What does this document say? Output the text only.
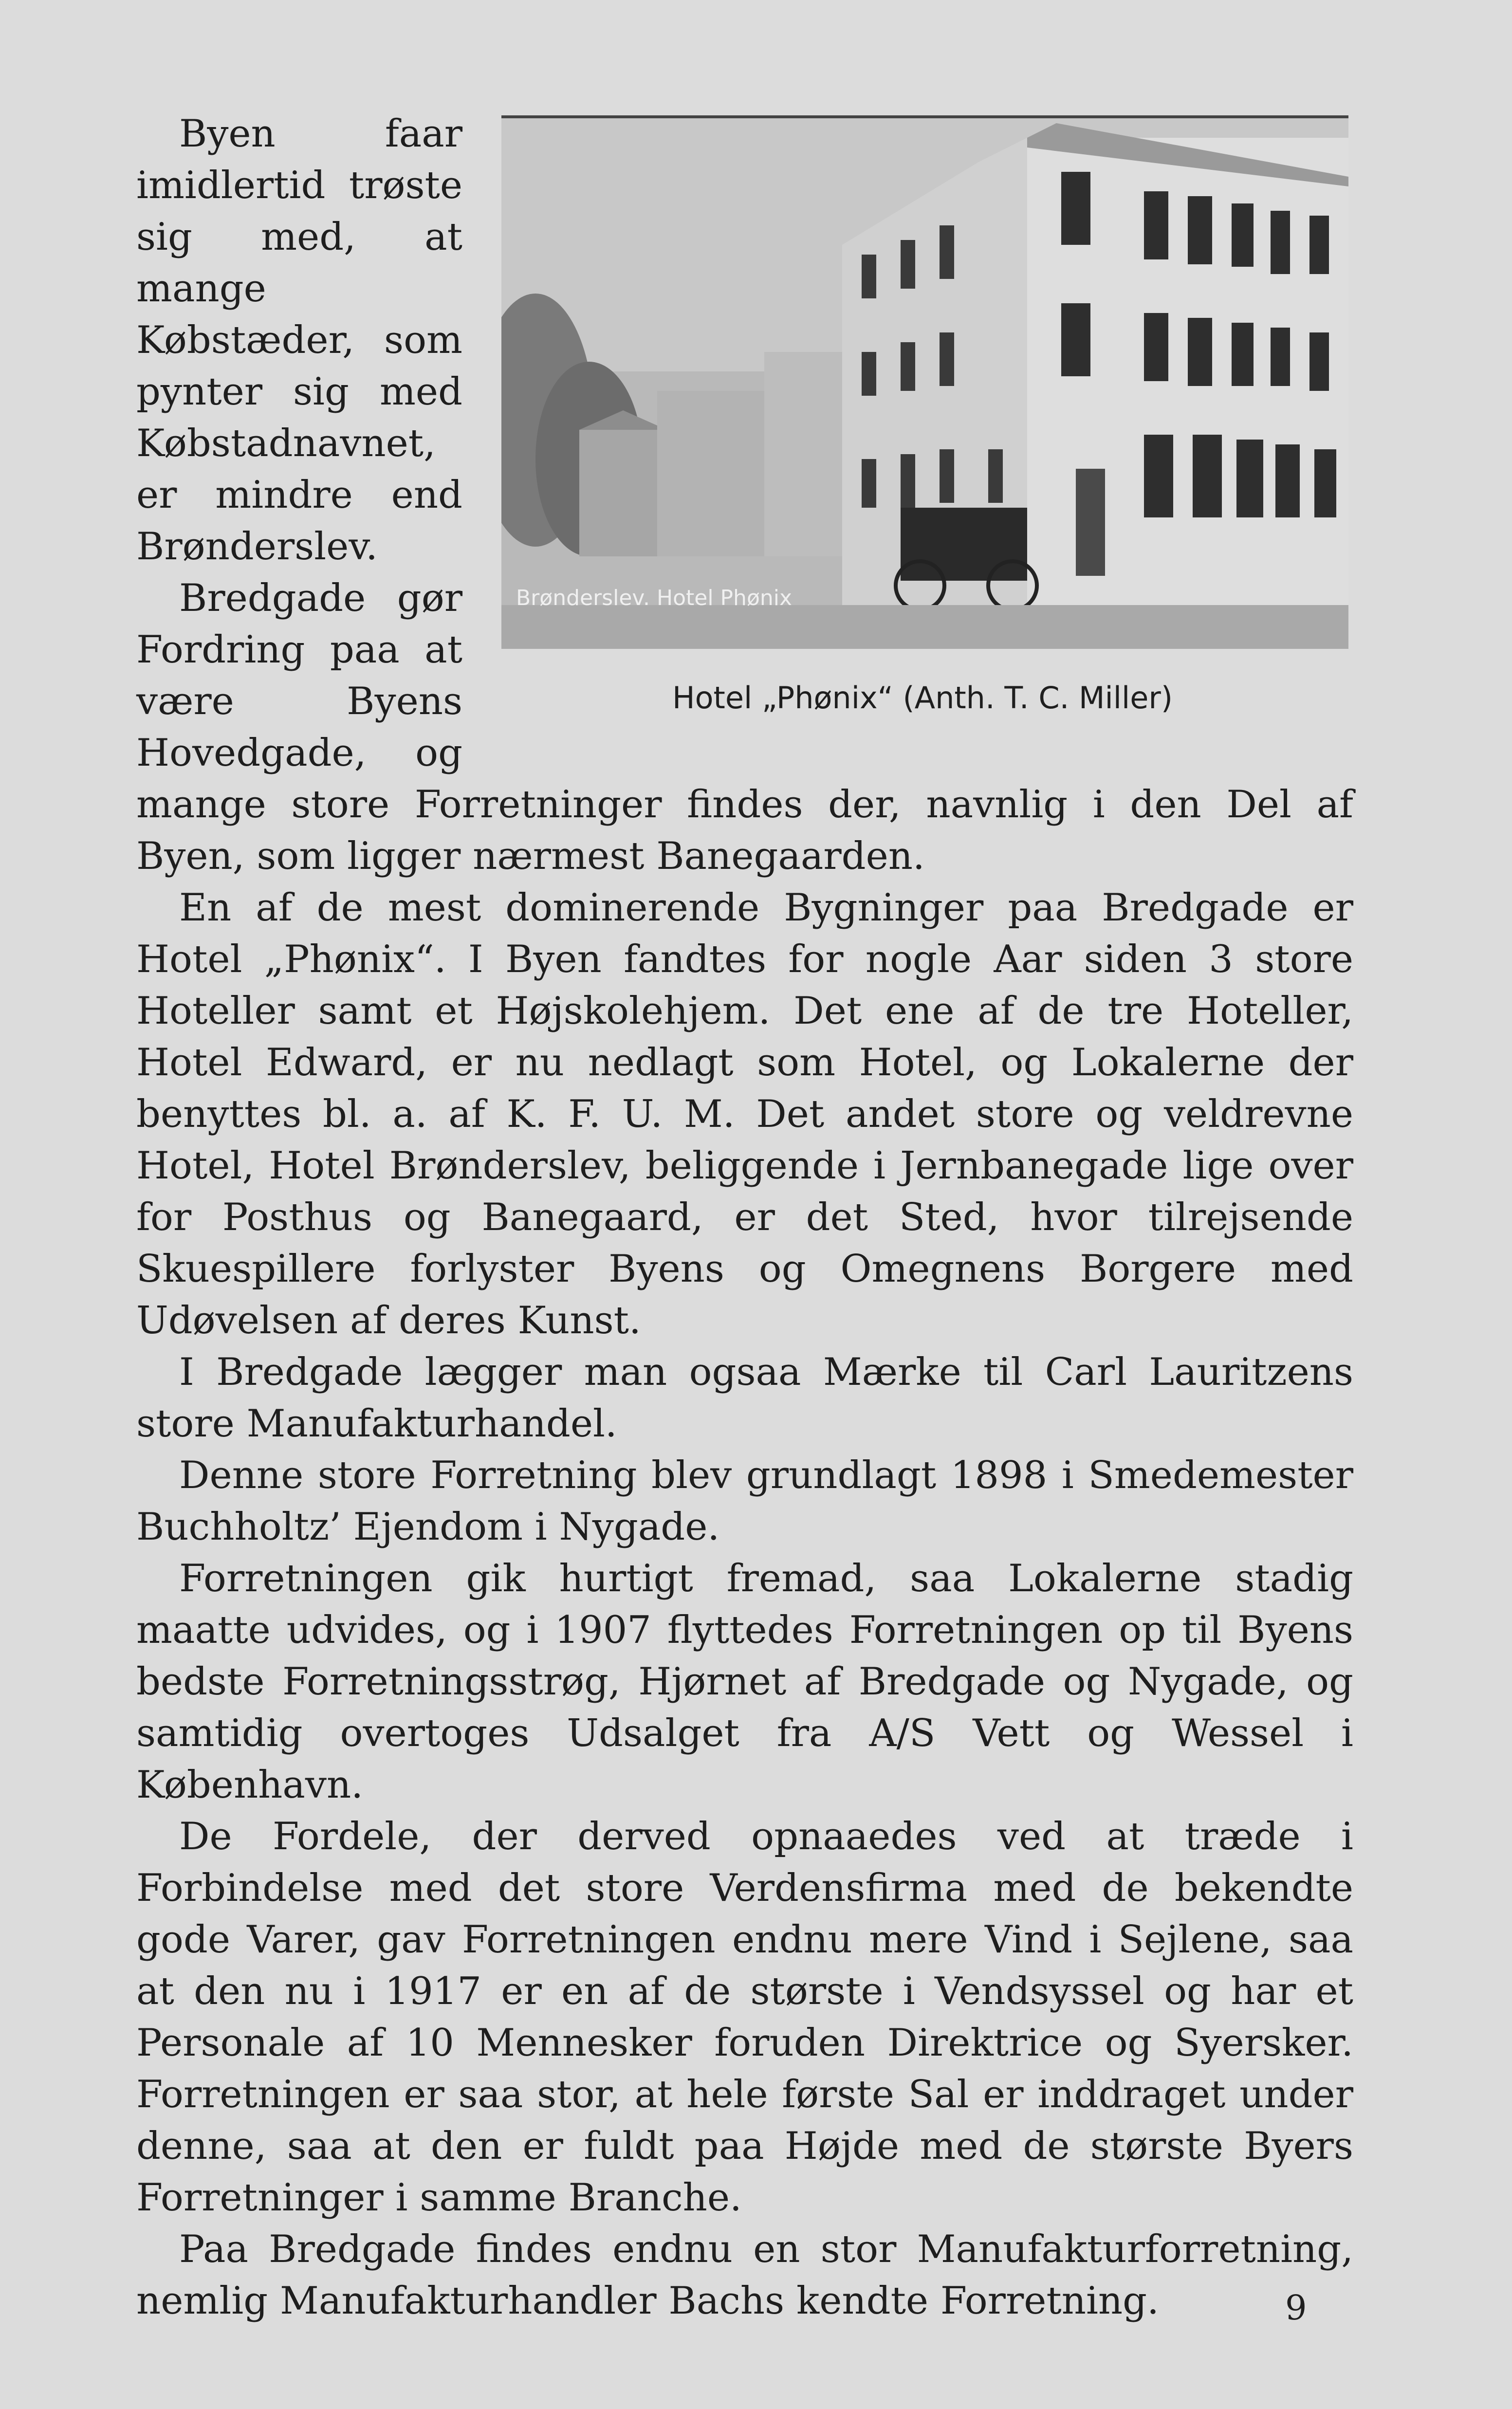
Brønderslev. Hotel Phønix
Hotel „Phønix“ (Anth. T. C. Miller)

Byen faar imidlertid trøste sig med, at mange Købstæder, som pynter sig med Købstadnavnet, er mindre end Brønderslev.

Bredgade gør Fordring paa at være Byens Hovedgade, og mange store Forretninger findes der, navnlig i den Del af Byen, som ligger nærmest Banegaarden.

En af de mest dominerende Bygninger paa Bredgade er Hotel „Phønix“. I Byen fandtes for nogle Aar siden 3 store Hoteller samt et Højskolehjem. Det ene af de tre Hoteller, Hotel Edward, er nu nedlagt som Hotel, og Lokalerne der benyttes bl. a. af K. F. U. M. Det andet store og veldrevne Hotel, Hotel Brønderslev, beliggende i Jernbanegade lige over for Posthus og Banegaard, er det Sted, hvor tilrejsende Skuespillere forlyster Byens og Omegnens Borgere med Udøvelsen af deres Kunst.

I Bredgade lægger man ogsaa Mærke til Carl Lauritzens store Manufakturhandel.

Denne store Forretning blev grundlagt 1898 i Smedemester Buchholtz’ Ejendom i Nygade.

Forretningen gik hurtigt fremad, saa Lokalerne stadig maatte udvides, og i 1907 flyttedes Forretningen op til Byens bedste Forretningsstrøg, Hjørnet af Bredgade og Nygade, og samtidig overtoges Udsalget fra A/S Vett og Wessel i København.

De Fordele, der derved opnaaedes ved at træde i Forbindelse med det store Verdensfirma med de bekendte gode Varer, gav Forretningen endnu mere Vind i Sejlene, saa at den nu i 1917 er en af de største i Vendsyssel og har et Personale af 10 Mennesker foruden Direktrice og Syersker. Forretningen er saa stor, at hele første Sal er inddraget under denne, saa at den er fuldt paa Højde med de største Byers Forretninger i samme Branche.

Paa Bredgade findes endnu en stor Manufakturforretning, nemlig Manufakturhandler Bachs kendte Forretning.	9
